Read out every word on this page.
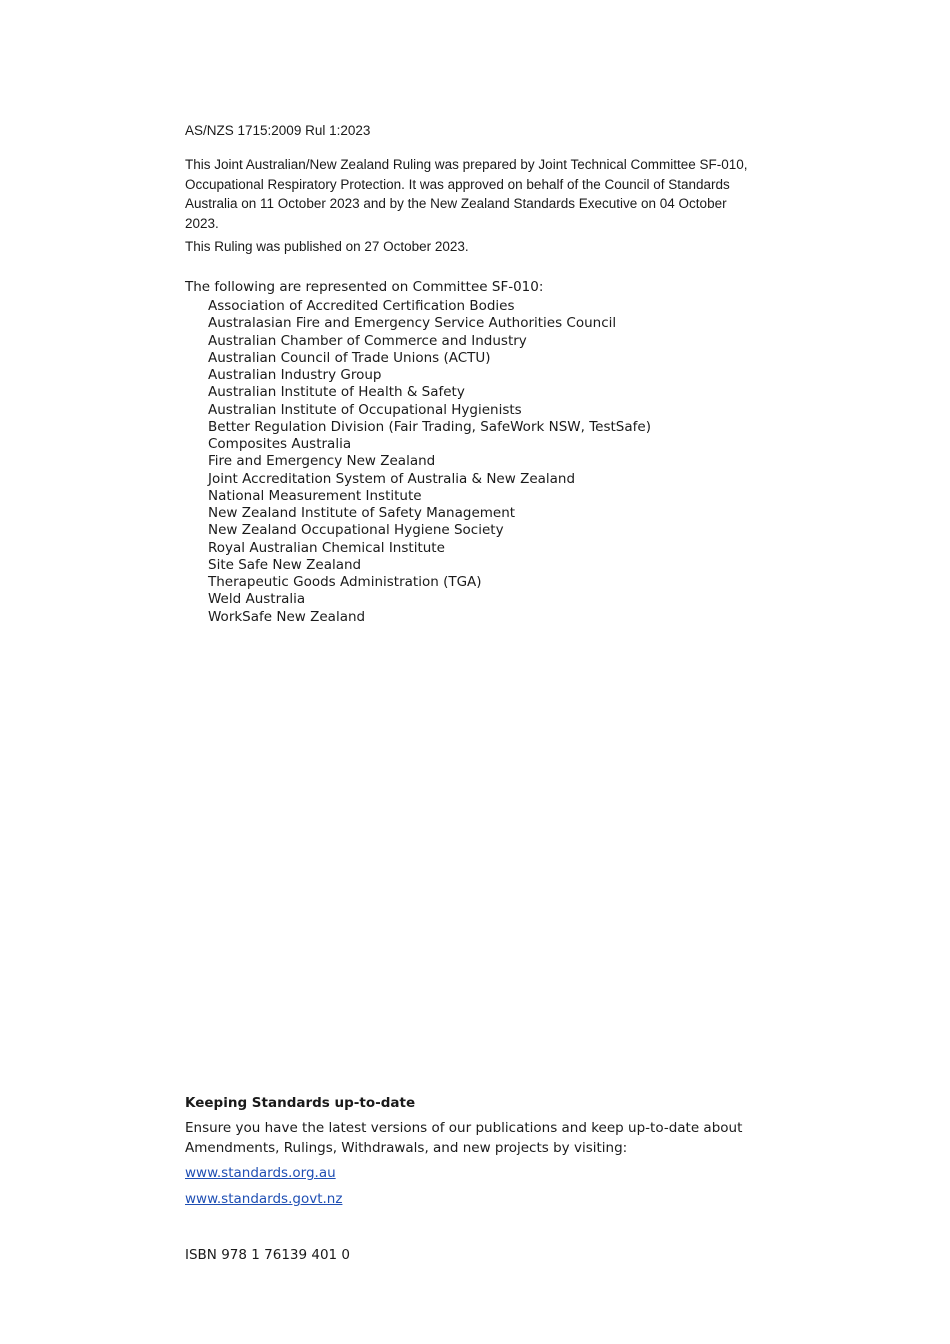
AS/NZS 1715:2009 Rul 1:2023

This Joint Australian/New Zealand Ruling was prepared by Joint Technical Committee SF-010, Occupational Respiratory Protection. It was approved on behalf of the Council of Standards Australia on 11 October 2023 and by the New Zealand Standards Executive on 04 October 2023.

This Ruling was published on 27 October 2023.

The following are represented on Committee SF-010:

Association of Accredited Certification Bodies
Australasian Fire and Emergency Service Authorities Council
Australian Chamber of Commerce and Industry
Australian Council of Trade Unions (ACTU)
Australian Industry Group
Australian Institute of Health & Safety
Australian Institute of Occupational Hygienists
Better Regulation Division (Fair Trading, SafeWork NSW, TestSafe)
Composites Australia
Fire and Emergency New Zealand
Joint Accreditation System of Australia & New Zealand
National Measurement Institute
New Zealand Institute of Safety Management
New Zealand Occupational Hygiene Society
Royal Australian Chemical Institute
Site Safe New Zealand
Therapeutic Goods Administration (TGA)
Weld Australia
WorkSafe New Zealand

Keeping Standards up-to-date

Ensure you have the latest versions of our publications and keep up-to-date about Amendments, Rulings, Withdrawals, and new projects by visiting:

www.standards.org.au
www.standards.govt.nz

ISBN 978 1 76139 401 0
